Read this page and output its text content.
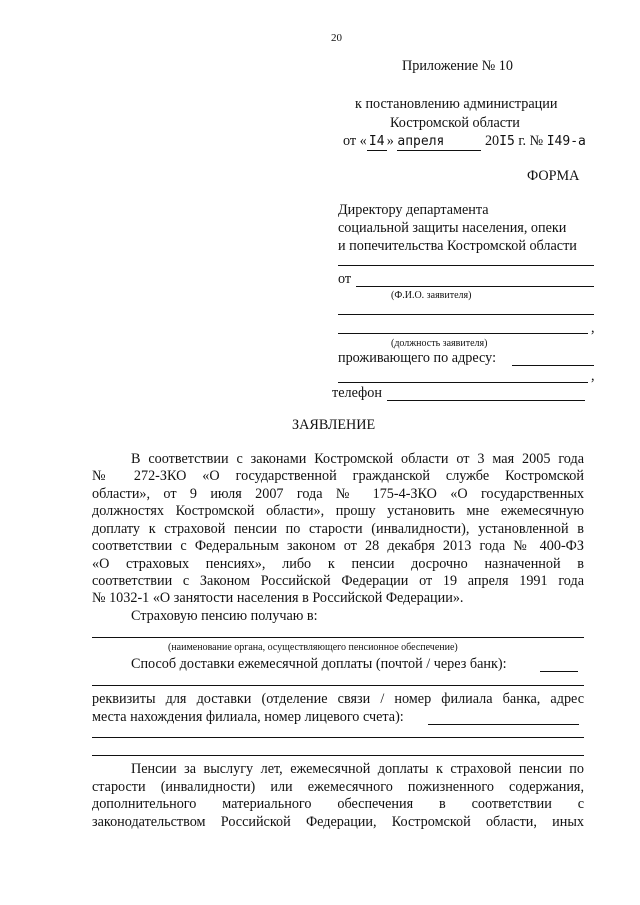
20
Приложение № 10
к постановлению администрации
Костромской области
от « I4 » апреля	20I5 г. № I49-а
ФОРМА
Директору департамента
социальной защиты населения, опеки
и попечительства Костромской области
от
(Ф.И.О. заявителя)
,
(должность заявителя)
проживающего по адресу:
,
телефон
ЗАЯВЛЕНИЕ
В соответствии с законами Костромской области от 3 мая 2005 года
№ 272-ЗКО «О государственной гражданской службе Костромской
области», от 9 июля 2007 года № 175-4-ЗКО «О государственных
должностях Костромской области», прошу установить мне ежемесячную
доплату к страховой пенсии по старости (инвалидности), установленной в
соответствии с Федеральным законом от 28 декабря 2013 года № 400-ФЗ
«О страховых пенсиях», либо к пенсии досрочно назначенной в
соответствии с Законом Российской Федерации от 19 апреля 1991 года
№ 1032-1 «О занятости населения в Российской Федерации».
Страховую пенсию получаю в:
(наименование органа, осуществляющего пенсионное обеспечение)
Способ доставки ежемесячной доплаты (почтой / через банк):
реквизиты для доставки (отделение связи / номер филиала банка, адрес
места нахождения филиала, номер лицевого счета):
Пенсии за выслугу лет, ежемесячной доплаты к страховой пенсии по
старости (инвалидности) или ежемесячного пожизненного содержания,
дополнительного материального обеспечения в соответствии с
законодательством Российской Федерации, Костромской области, иных
